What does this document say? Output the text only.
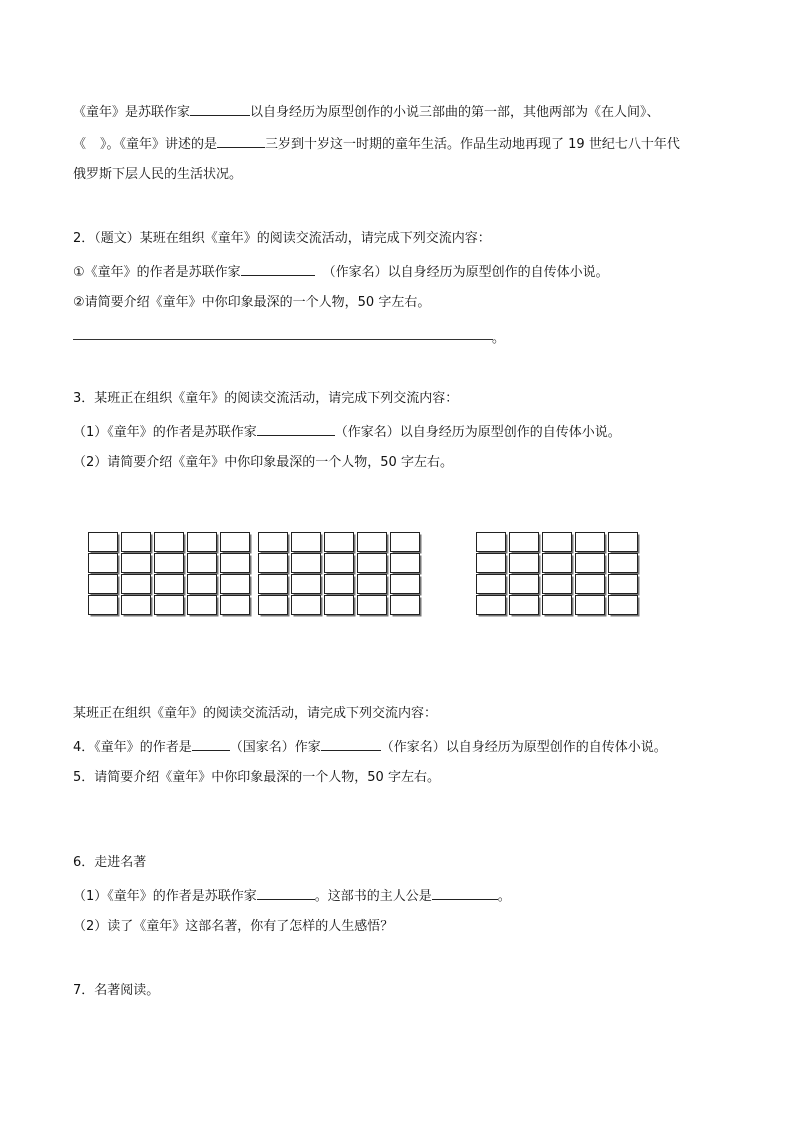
《童年》是苏联作家	以自身经历为原型创作的小说三部曲的第一部，其他两部为《在人间》、
《 》。《童年》讲述的是	三岁到十岁这一时期的童年生活。作品生动地再现了 19 世纪七八十年代
俄罗斯下层人民的生活状况。
2．（题文）某班在组织《童年》的阅读交流活动，请完成下列交流内容：
①《童年》的作者是苏联作家	（作家名）以自身经历为原型创作的自传体小说。
②请简要介绍《童年》中你印象最深的一个人物，50 字左右。
。
3．某班正在组织《童年》的阅读交流活动，请完成下列交流内容：
（1）《童年》的作者是苏联作家	（作家名）以自身经历为原型创作的自传体小说。
（2）请简要介绍《童年》中你印象最深的一个人物，50 字左右。
某班正在组织《童年》的阅读交流活动，请完成下列交流内容：
4．《童年》的作者是	（国家名）作家	（作家名）以自身经历为原型创作的自传体小说。
5．请简要介绍《童年》中你印象最深的一个人物，50 字左右。
6．走进名著
（1）《童年》的作者是苏联作家	。这部书的主人公是	。
（2）读了《童年》这部名著，你有了怎样的人生感悟？
7．名著阅读。
